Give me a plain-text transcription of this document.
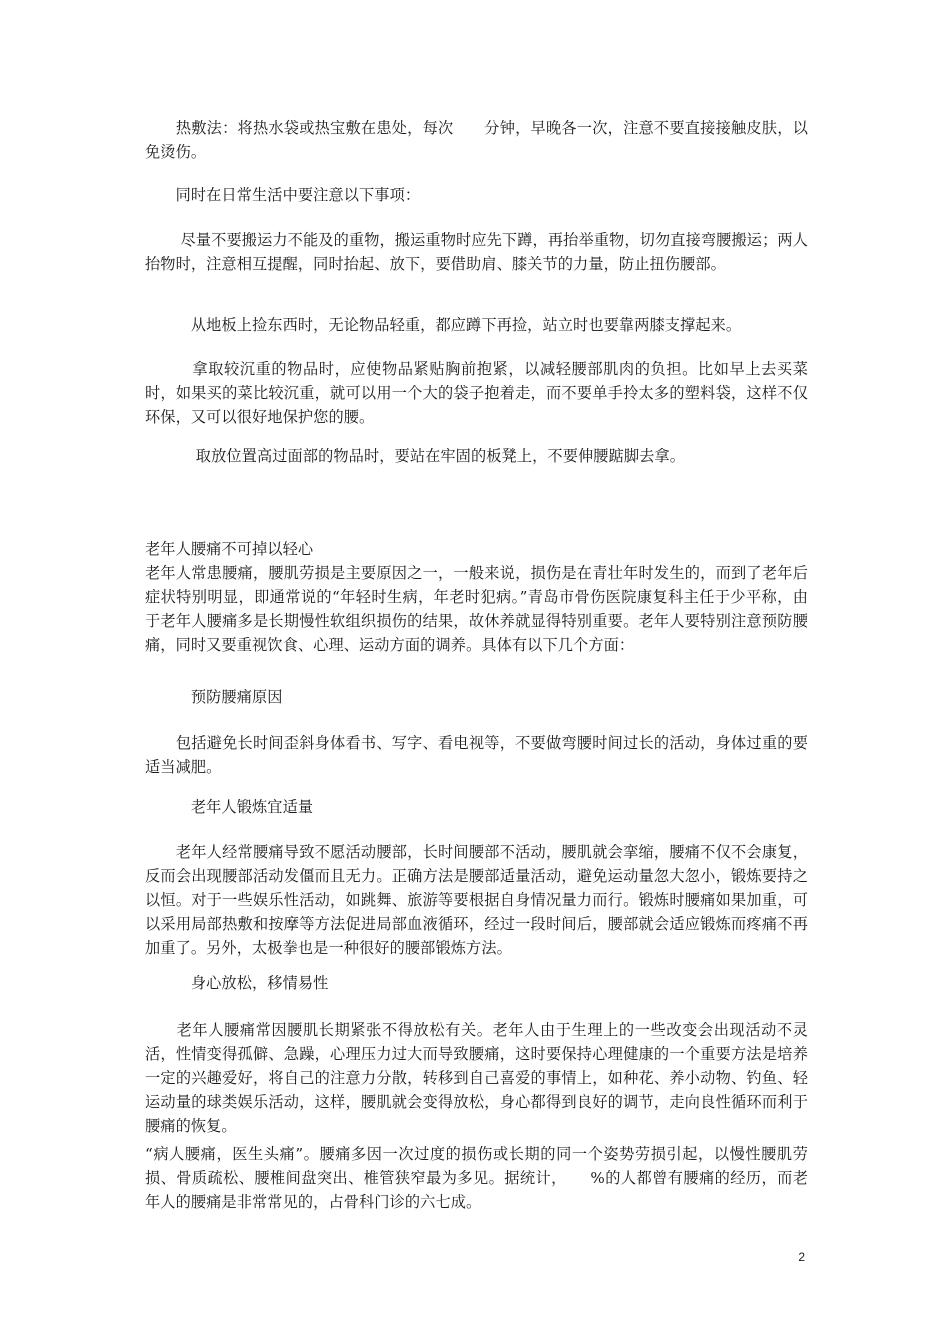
　　热敷法：将热水袋或热宝敷在患处，每次　　分钟，早晚各一次，注意不要直接接触皮肤，以免烫伤。

　　同时在日常生活中要注意以下事项：

　　 尽量不要搬运力不能及的重物，搬运重物时应先下蹲，再抬举重物，切勿直接弯腰搬运；两人抬物时，注意相互提醒，同时抬起、放下，要借助肩、膝关节的力量，防止扭伤腰部。

　　　从地板上捡东西时，无论物品轻重，都应蹲下再捡，站立时也要靠两膝支撑起来。

　　　拿取较沉重的物品时，应使物品紧贴胸前抱紧，以减轻腰部肌肉的负担。比如早上去买菜时，如果买的菜比较沉重，就可以用一个大的袋子抱着走，而不要单手拎太多的塑料袋，这样不仅环保，又可以很好地保护您的腰。

　　　 取放位置高过面部的物品时，要站在牢固的板凳上，不要伸腰踮脚去拿。

老年人腰痛不可掉以轻心

老年人常患腰痛，腰肌劳损是主要原因之一，一般来说，损伤是在青壮年时发生的，而到了老年后症状特别明显，即通常说的“年轻时生病，年老时犯病。”青岛市骨伤医院康复科主任于少平称，由于老年人腰痛多是长期慢性软组织损伤的结果，故休养就显得特别重要。老年人要特别注意预防腰痛，同时又要重视饮食、心理、运动方面的调养。具体有以下几个方面：

　　　预防腰痛原因

　　包括避免长时间歪斜身体看书、写字、看电视等，不要做弯腰时间过长的活动，身体过重的要适当减肥。

　　　老年人锻炼宜适量

　　老年人经常腰痛导致不愿活动腰部，长时间腰部不活动，腰肌就会挛缩，腰痛不仅不会康复，反而会出现腰部活动发僵而且无力。正确方法是腰部适量活动，避免运动量忽大忽小，锻炼要持之以恒。对于一些娱乐性活动，如跳舞、旅游等要根据自身情况量力而行。锻炼时腰痛如果加重，可以采用局部热敷和按摩等方法促进局部血液循环，经过一段时间后，腰部就会适应锻炼而疼痛不再加重了。另外，太极拳也是一种很好的腰部锻炼方法。

　　　身心放松，移情易性

　　老年人腰痛常因腰肌长期紧张不得放松有关。老年人由于生理上的一些改变会出现活动不灵活，性情变得孤僻、急躁，心理压力过大而导致腰痛，这时要保持心理健康的一个重要方法是培养一定的兴趣爱好，将自己的注意力分散，转移到自己喜爱的事情上，如种花、养小动物、钓鱼、轻运动量的球类娱乐活动，这样，腰肌就会变得放松，身心都得到良好的调节，走向良性循环而利于腰痛的恢复。

“病人腰痛，医生头痛”。腰痛多因一次过度的损伤或长期的同一个姿势劳损引起，以慢性腰肌劳损、骨质疏松、腰椎间盘突出、椎管狭窄最为多见。据统计，　　%的人都曾有腰痛的经历，而老年人的腰痛是非常常见的，占骨科门诊的六七成。

2
